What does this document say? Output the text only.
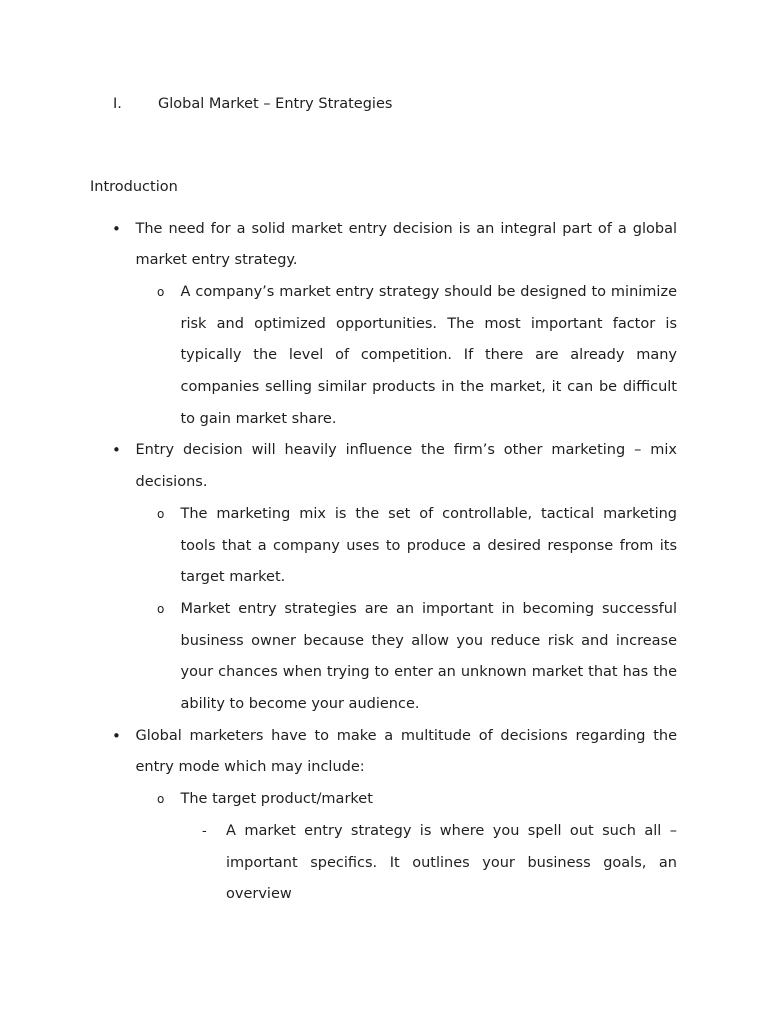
I. Global Market – Entry Strategies
Introduction
• The need for a solid market entry decision is an integral part of a global market entry strategy.
o A company’s market entry strategy should be designed to minimize risk and optimized opportunities. The most important factor is typically the level of competition. If there are already many companies selling similar products in the market, it can be difficult to gain market share.
• Entry decision will heavily influence the firm’s other marketing – mix decisions.
o The marketing mix is the set of controllable, tactical marketing tools that a company uses to produce a desired response from its target market.
o Market entry strategies are an important in becoming successful business owner because they allow you reduce risk and increase your chances when trying to enter an unknown market that has the ability to become your audience.
• Global marketers have to make a multitude of decisions regarding the entry mode which may include:
o The target product/market
- A market entry strategy is where you spell out such all – important specifics. It outlines your business goals, an overview
